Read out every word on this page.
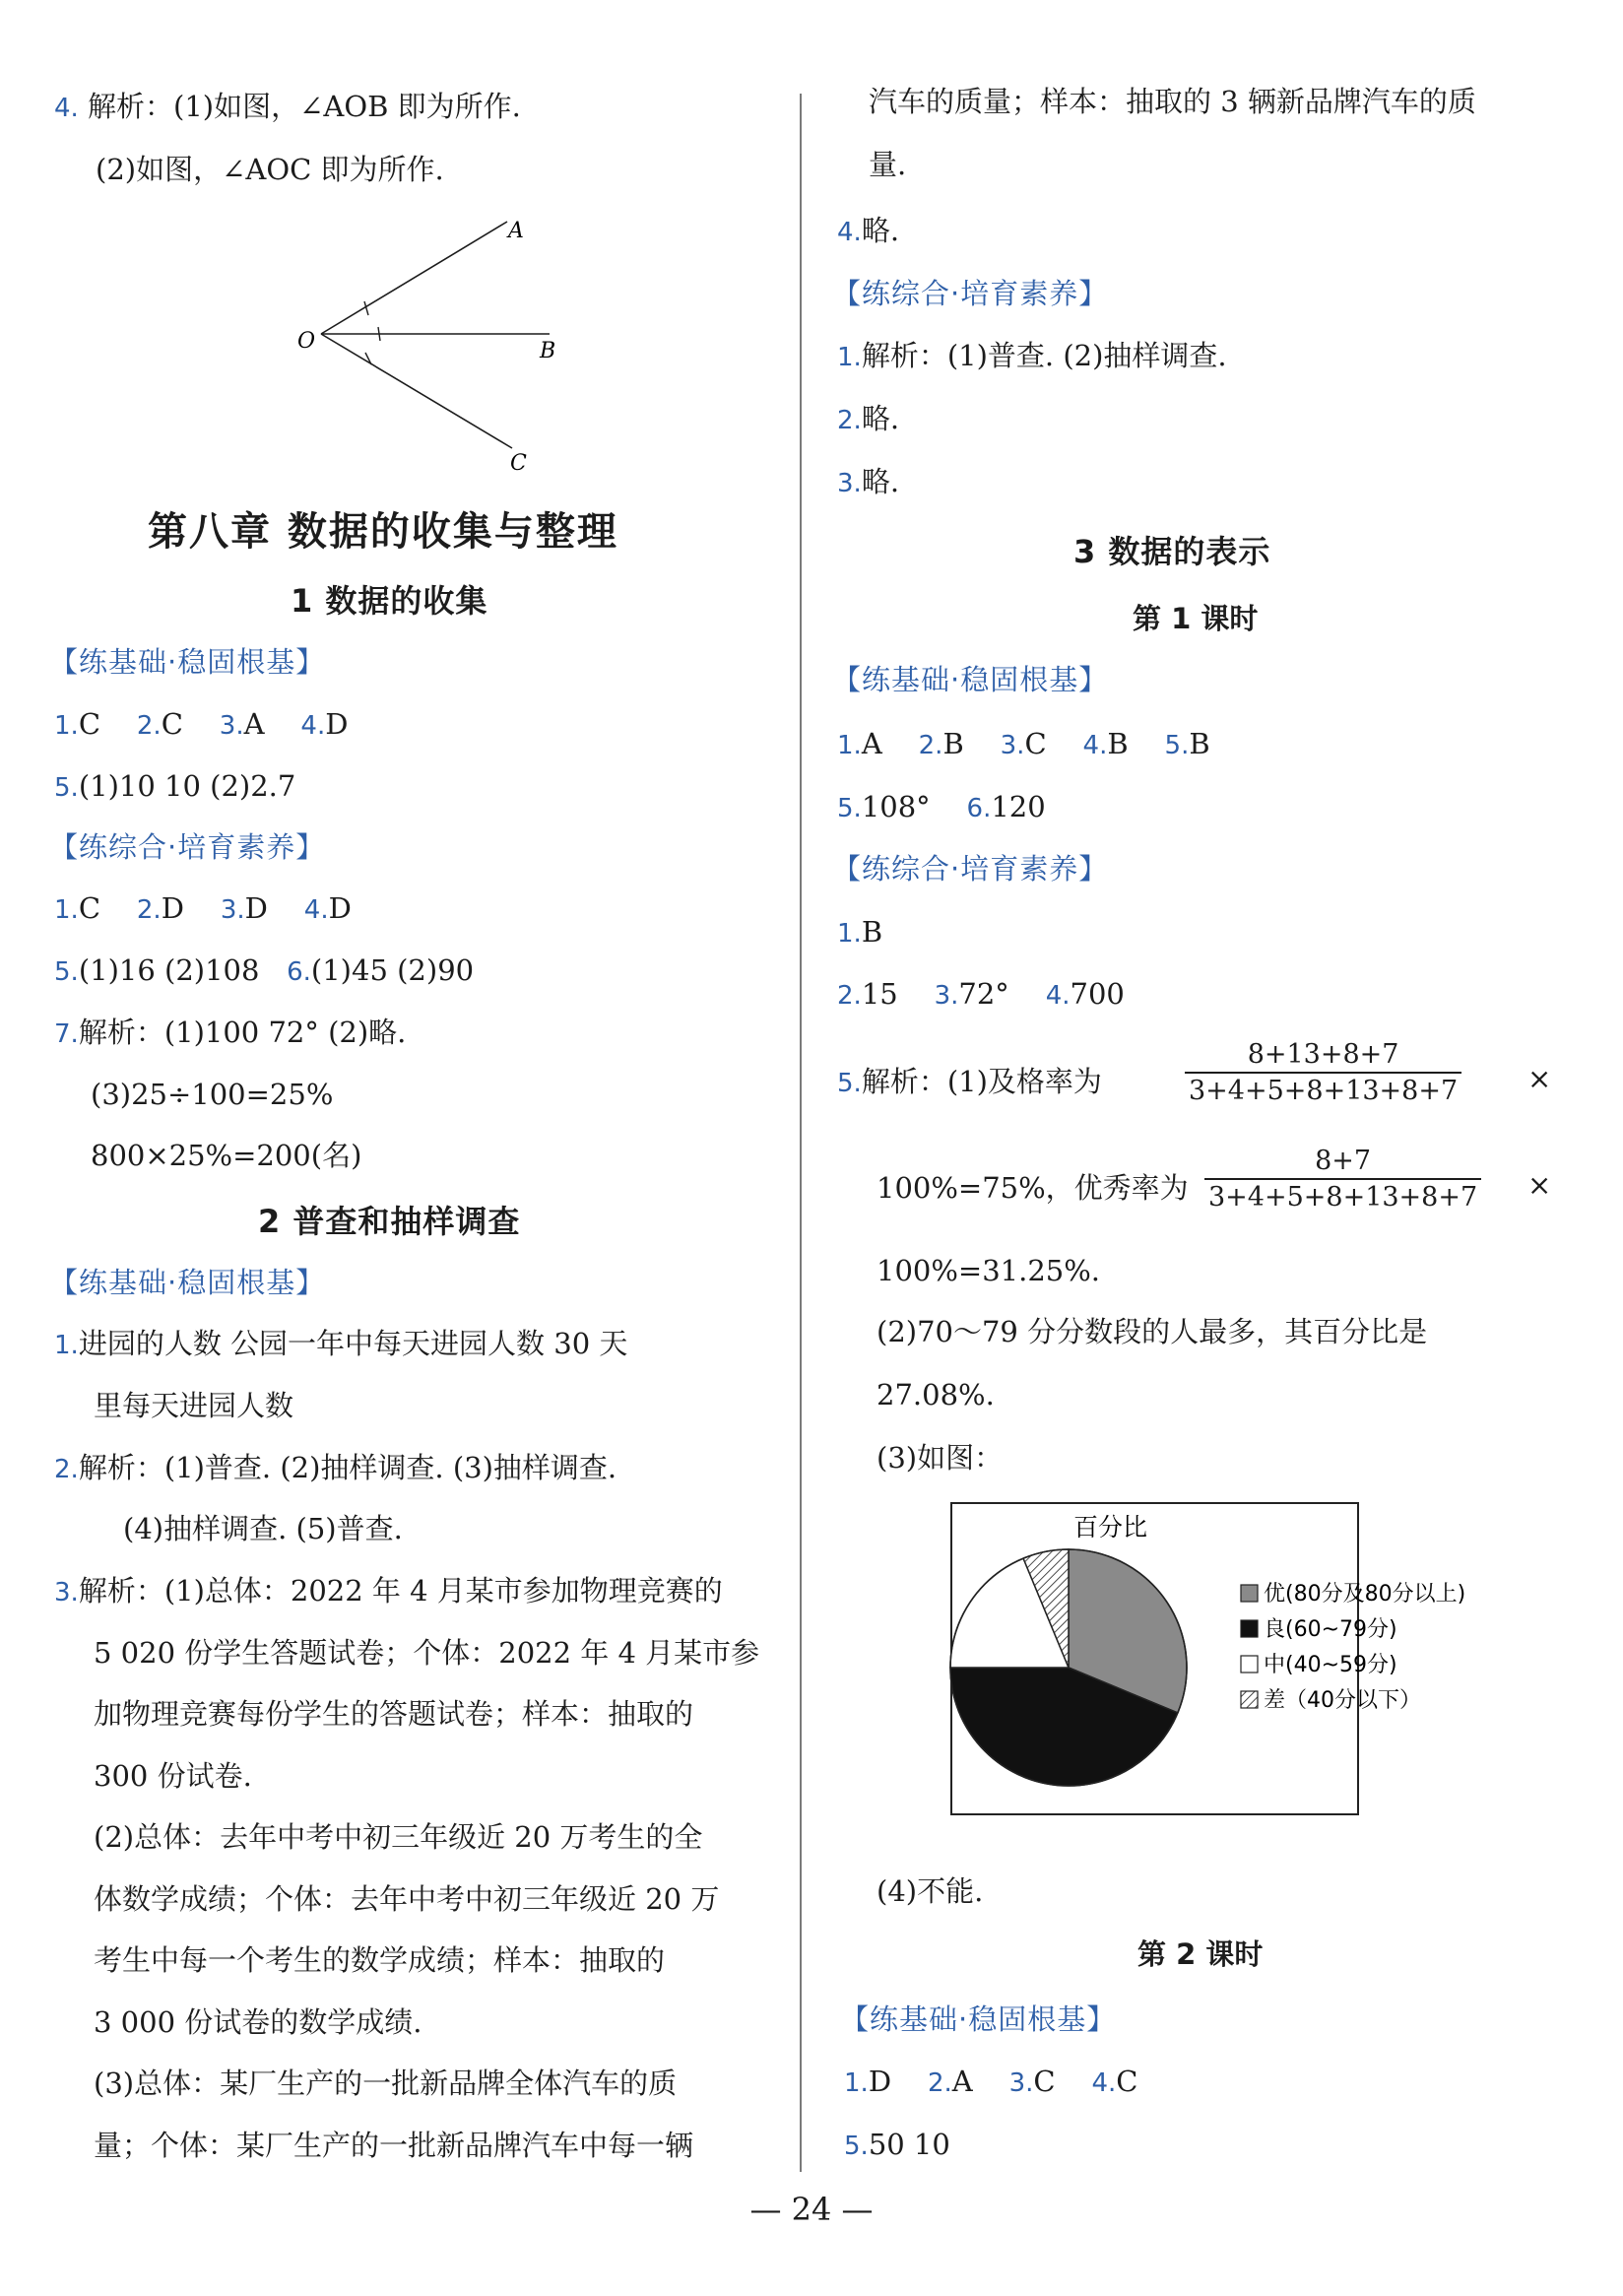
4. 解析：(1)如图，∠AOB 即为所作.
(2)如图，∠AOC 即为所作.
A
O	B
C
第八章 数据的收集与整理
1 数据的收集
【练基础·稳固根基】
1.C 2.C 3.A 4.D
5.(1)10 10 (2)2.7
【练综合·培育素养】
1.C 2.D 3.D 4.D
5.(1)16 (2)108 6.(1)45 (2)90
7.解析：(1)100 72° (2)略.
(3)25÷100=25%
800×25%=200(名)
2 普查和抽样调查
【练基础·稳固根基】
1.进园的人数 公园一年中每天进园人数 30 天
里每天进园人数
2.解析：(1)普查. (2)抽样调查. (3)抽样调查.
(4)抽样调查. (5)普查.
3.解析：(1)总体：2022 年 4 月某市参加物理竞赛的
5 020 份学生答题试卷；个体：2022 年 4 月某市参
加物理竞赛每份学生的答题试卷；样本：抽取的
300 份试卷.
(2)总体：去年中考中初三年级近 20 万考生的全
体数学成绩；个体：去年中考中初三年级近 20 万
考生中每一个考生的数学成绩；样本：抽取的
3 000 份试卷的数学成绩.
(3)总体：某厂生产的一批新品牌全体汽车的质
量；个体：某厂生产的一批新品牌汽车中每一辆
汽车的质量；样本：抽取的 3 辆新品牌汽车的质
量.
4.略.
【练综合·培育素养】
1.解析：(1)普查. (2)抽样调查.
2.略.
3.略.
3 数据的表示
第 1 课时
【练基础·稳固根基】
1.A 2.B 3.C 4.B 5.B
5.108° 6.120
【练综合·培育素养】
1.B
2.15 3.72° 4.700
5.解析：(1)及格率为	$\frac{8+13+8+7}{3+4+5+8+13+8+7}$ ×
100%=75%，优秀率为 $\frac{8+7}{3+4+5+8+13+8+7}$ ×
100%=31.25%.
(2)70～79 分分数段的人最多，其百分比是
27.08%.
(3)如图：
百分比
优(80分及80分以上)
良(60~79分)
中(40~59分)
差（40分以下）
(4)不能.
第 2 课时
【练基础·稳固根基】
1.D 2.A 3.C 4.C
5.50 10
— 24 —
